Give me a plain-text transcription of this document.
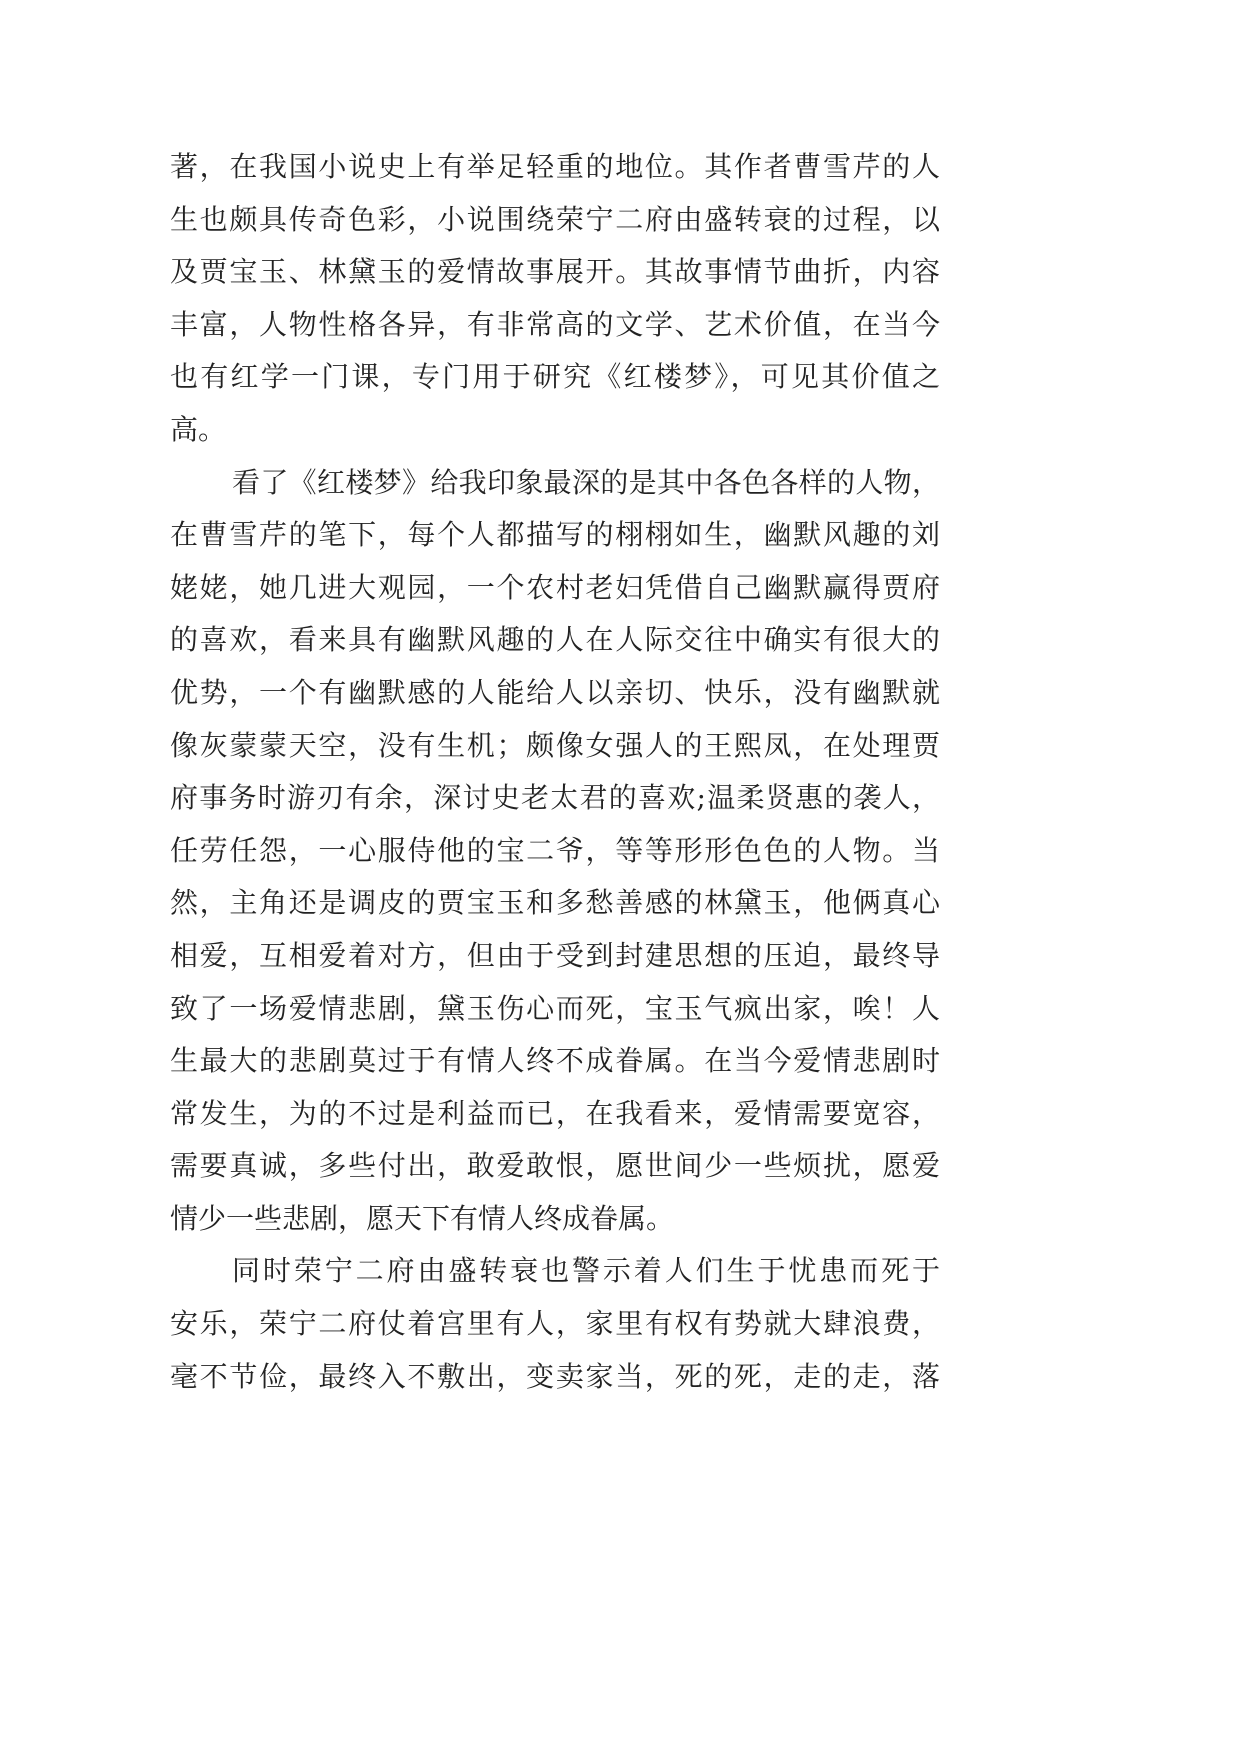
著，在我国小说史上有举足轻重的地位。其作者曹雪芹的人
生也颇具传奇色彩，小说围绕荣宁二府由盛转衰的过程，以
及贾宝玉、林黛玉的爱情故事展开。其故事情节曲折，内容
丰富，人物性格各异，有非常高的文学、艺术价值，在当今
也有红学一门课，专门用于研究《红楼梦》，可见其价值之
高。
看了《红楼梦》给我印象最深的是其中各色各样的人物，
在曹雪芹的笔下，每个人都描写的栩栩如生，幽默风趣的刘
姥姥，她几进大观园，一个农村老妇凭借自己幽默赢得贾府
的喜欢，看来具有幽默风趣的人在人际交往中确实有很大的
优势，一个有幽默感的人能给人以亲切、快乐，没有幽默就
像灰蒙蒙天空，没有生机；颇像女强人的王熙凤，在处理贾
府事务时游刃有余，深讨史老太君的喜欢;温柔贤惠的袭人，
任劳任怨，一心服侍他的宝二爷，等等形形色色的人物。当
然，主角还是调皮的贾宝玉和多愁善感的林黛玉，他俩真心
相爱，互相爱着对方，但由于受到封建思想的压迫，最终导
致了一场爱情悲剧，黛玉伤心而死，宝玉气疯出家，唉！人
生最大的悲剧莫过于有情人终不成眷属。在当今爱情悲剧时
常发生，为的不过是利益而已，在我看来，爱情需要宽容，
需要真诚，多些付出，敢爱敢恨，愿世间少一些烦扰，愿爱
情少一些悲剧，愿天下有情人终成眷属。
同时荣宁二府由盛转衰也警示着人们生于忧患而死于
安乐，荣宁二府仗着宫里有人，家里有权有势就大肆浪费，
毫不节俭，最终入不敷出，变卖家当，死的死，走的走，落
